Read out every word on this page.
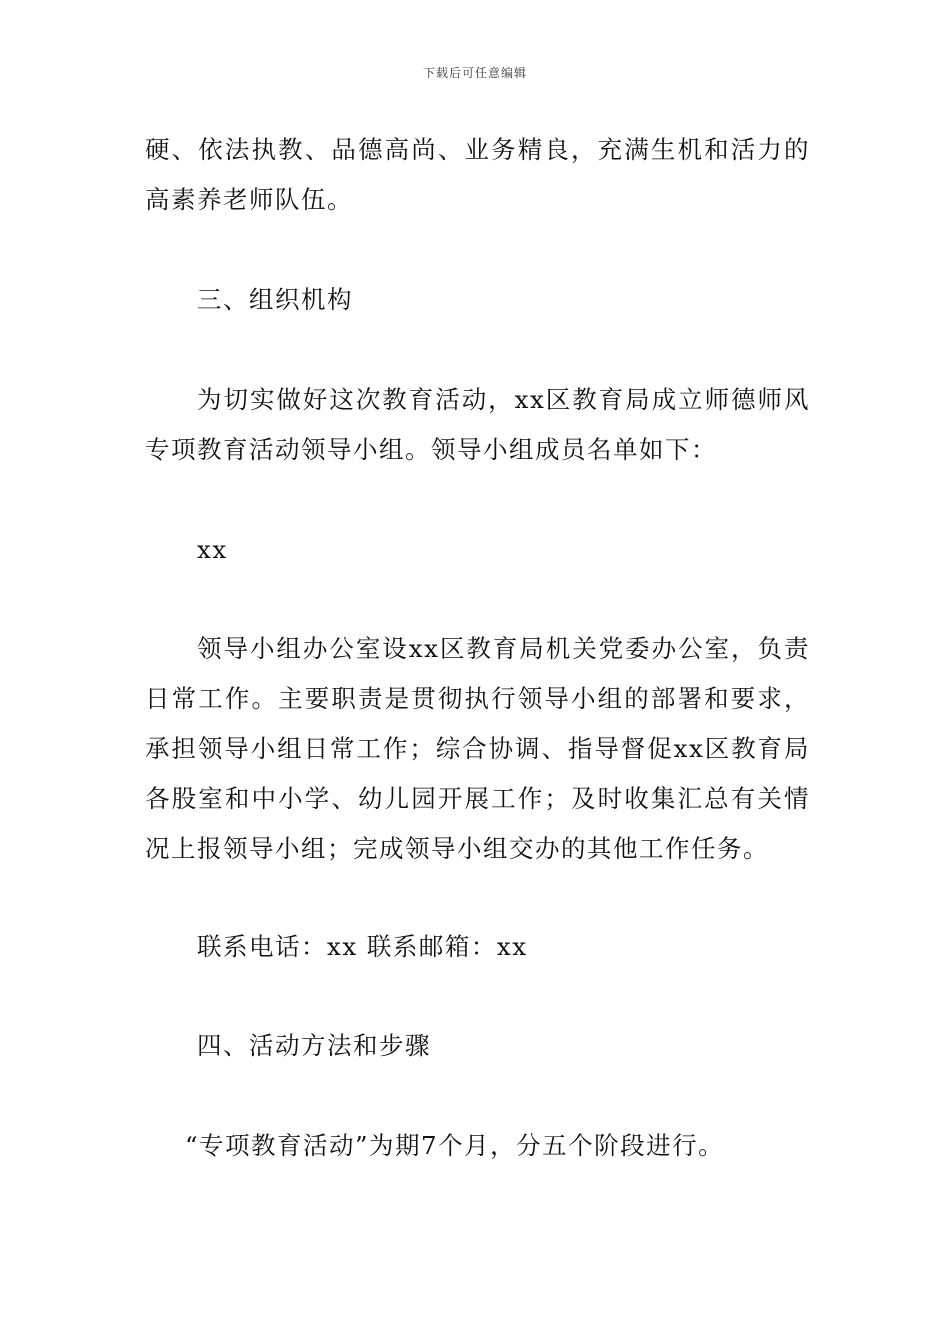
下载后可任意编辑

硬、依法执教、品德高尚、业务精良，充满生机和活力的高素养老师队伍。

三、组织机构

为切实做好这次教育活动，xx区教育局成立师德师风专项教育活动领导小组。领导小组成员名单如下：

xx

领导小组办公室设xx区教育局机关党委办公室，负责日常工作。主要职责是贯彻执行领导小组的部署和要求，承担领导小组日常工作；综合协调、指导督促xx区教育局各股室和中小学、幼儿园开展工作；及时收集汇总有关情况上报领导小组；完成领导小组交办的其他工作任务。

联系电话：xx 联系邮箱：xx

四、活动方法和步骤

“专项教育活动”为期7个月，分五个阶段进行。
